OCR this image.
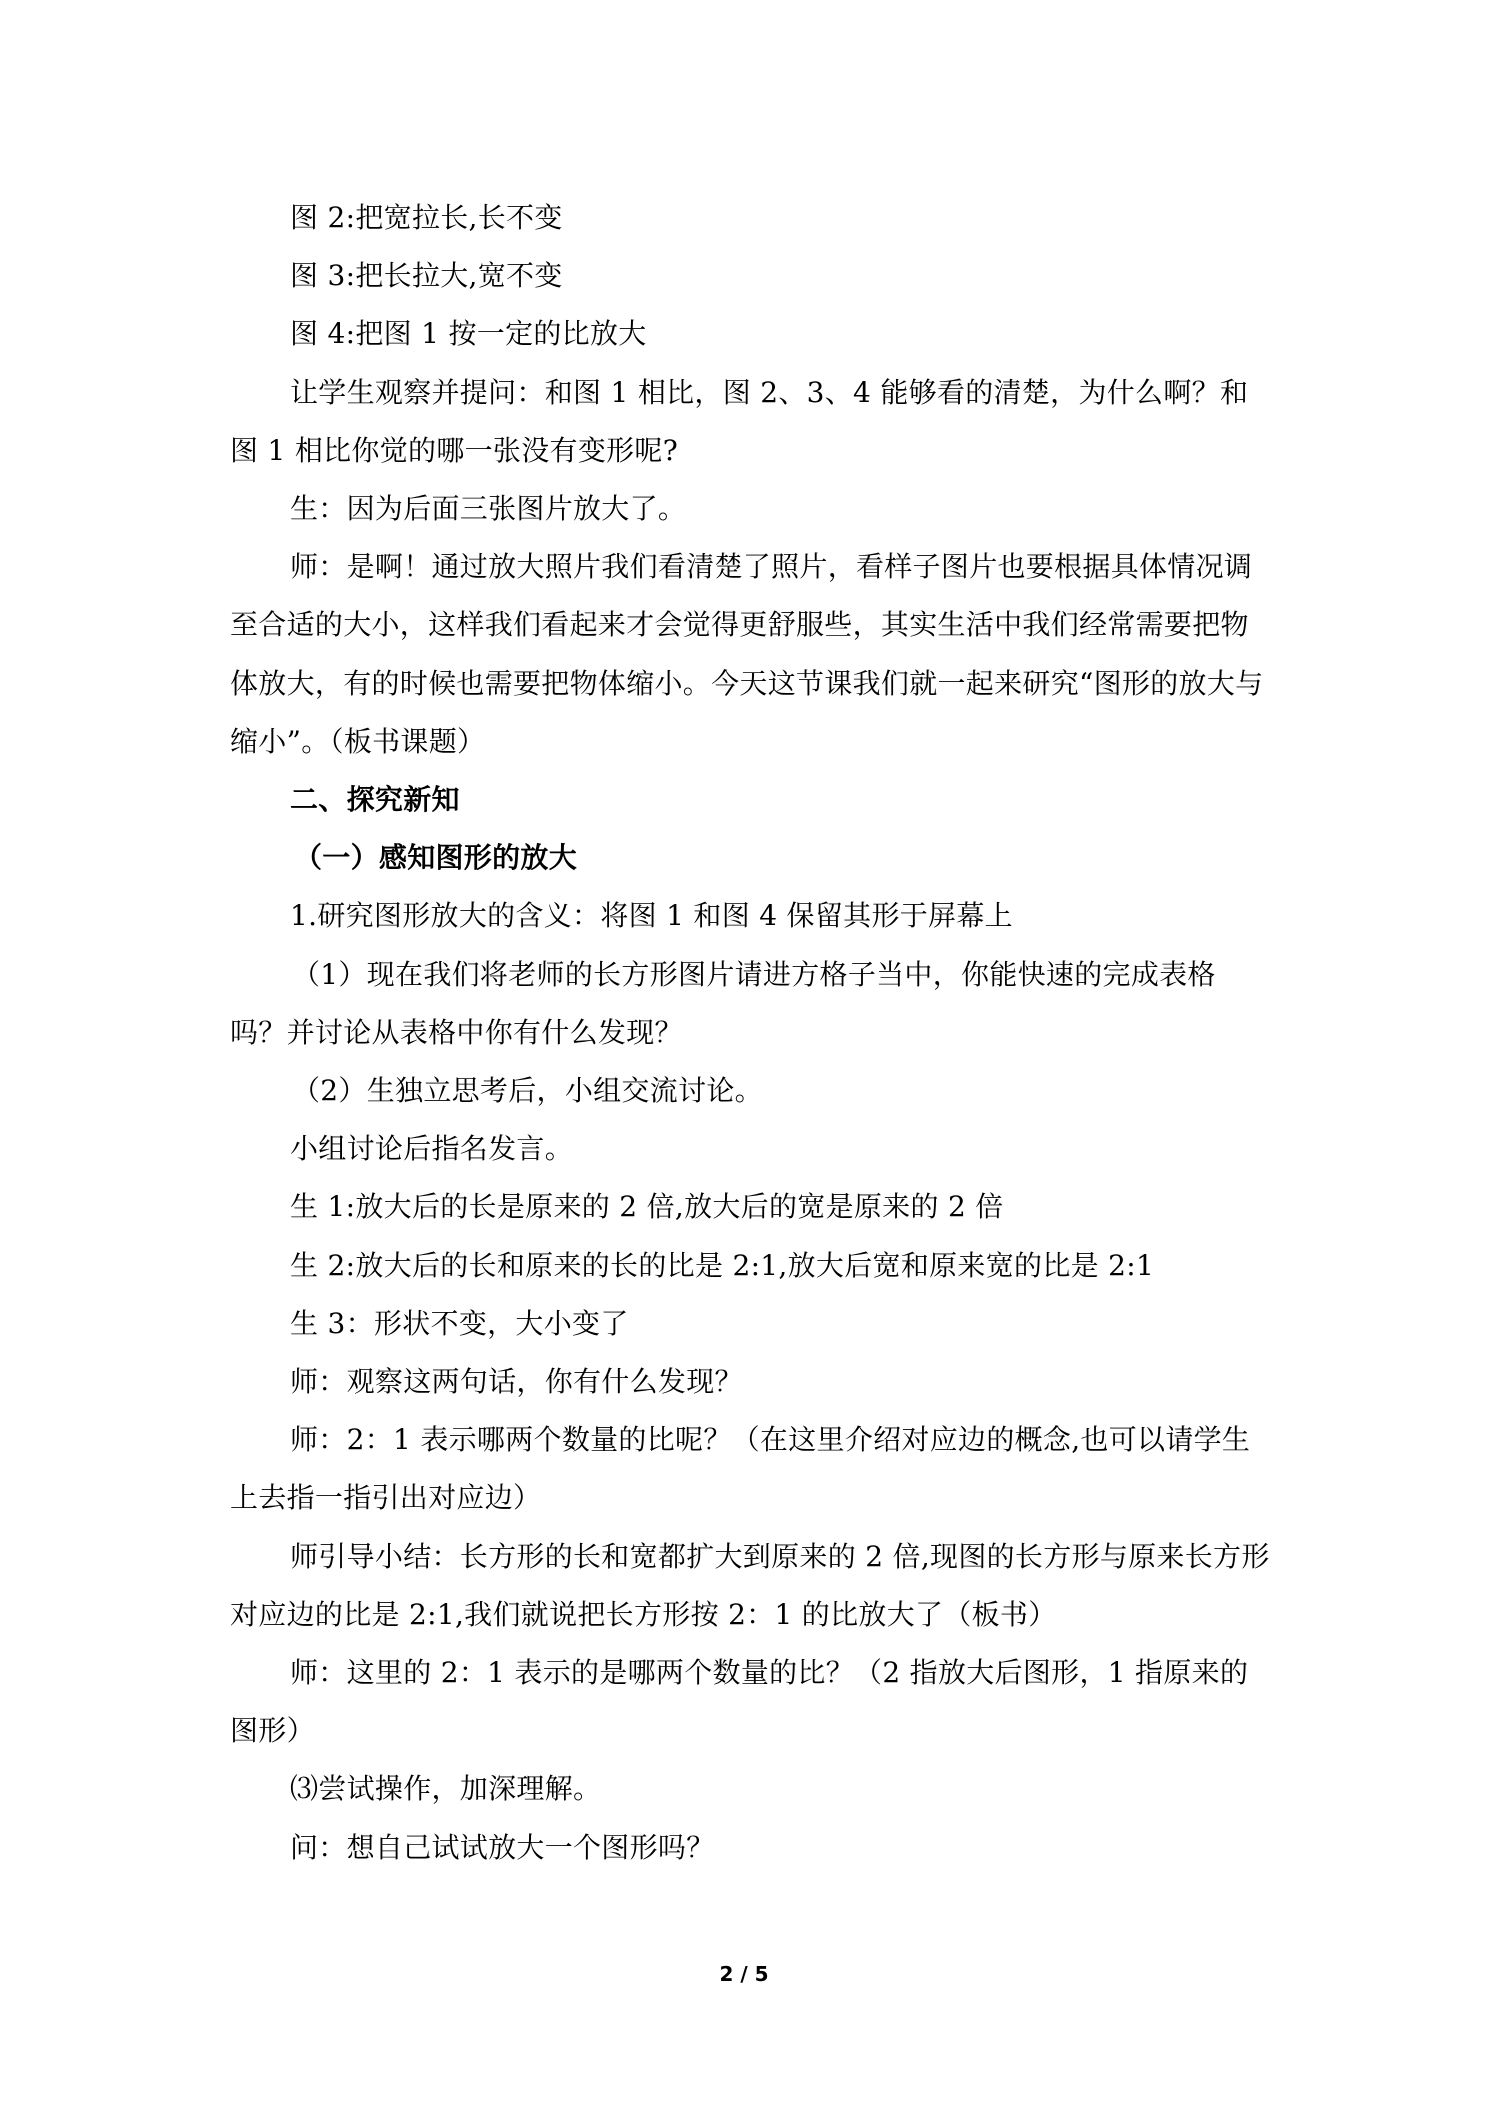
图 2:把宽拉长,长不变

图 3:把长拉大,宽不变

图 4:把图 1 按一定的比放大

让学生观察并提问：和图 1 相比，图 2、3、4 能够看的清楚，为什么啊？和图 1 相比你觉的哪一张没有变形呢?

生：因为后面三张图片放大了。

师：是啊！通过放大照片我们看清楚了照片，看样子图片也要根据具体情况调至合适的大小，这样我们看起来才会觉得更舒服些，其实生活中我们经常需要把物体放大，有的时候也需要把物体缩小。今天这节课我们就一起来研究“图形的放大与缩小”。（板书课题）

二、探究新知

（一）感知图形的放大

1.研究图形放大的含义：将图 1 和图 4 保留其形于屏幕上

（1）现在我们将老师的长方形图片请进方格子当中，你能快速的完成表格吗？并讨论从表格中你有什么发现？

（2）生独立思考后，小组交流讨论。

小组讨论后指名发言。

生 1:放大后的长是原来的 2 倍,放大后的宽是原来的 2 倍

生 2:放大后的长和原来的长的比是 2:1,放大后宽和原来宽的比是 2:1

生 3：形状不变，大小变了

师：观察这两句话，你有什么发现？

师：2：1 表示哪两个数量的比呢？（在这里介绍对应边的概念,也可以请学生上去指一指引出对应边）

师引导小结：长方形的长和宽都扩大到原来的 2 倍,现图的长方形与原来长方形对应边的比是 2:1,我们就说把长方形按 2：1 的比放大了（板书）

师：这里的 2：1 表示的是哪两个数量的比？（2 指放大后图形，1 指原来的图形）

⑶尝试操作，加深理解。

问：想自己试试放大一个图形吗？

2 / 5
